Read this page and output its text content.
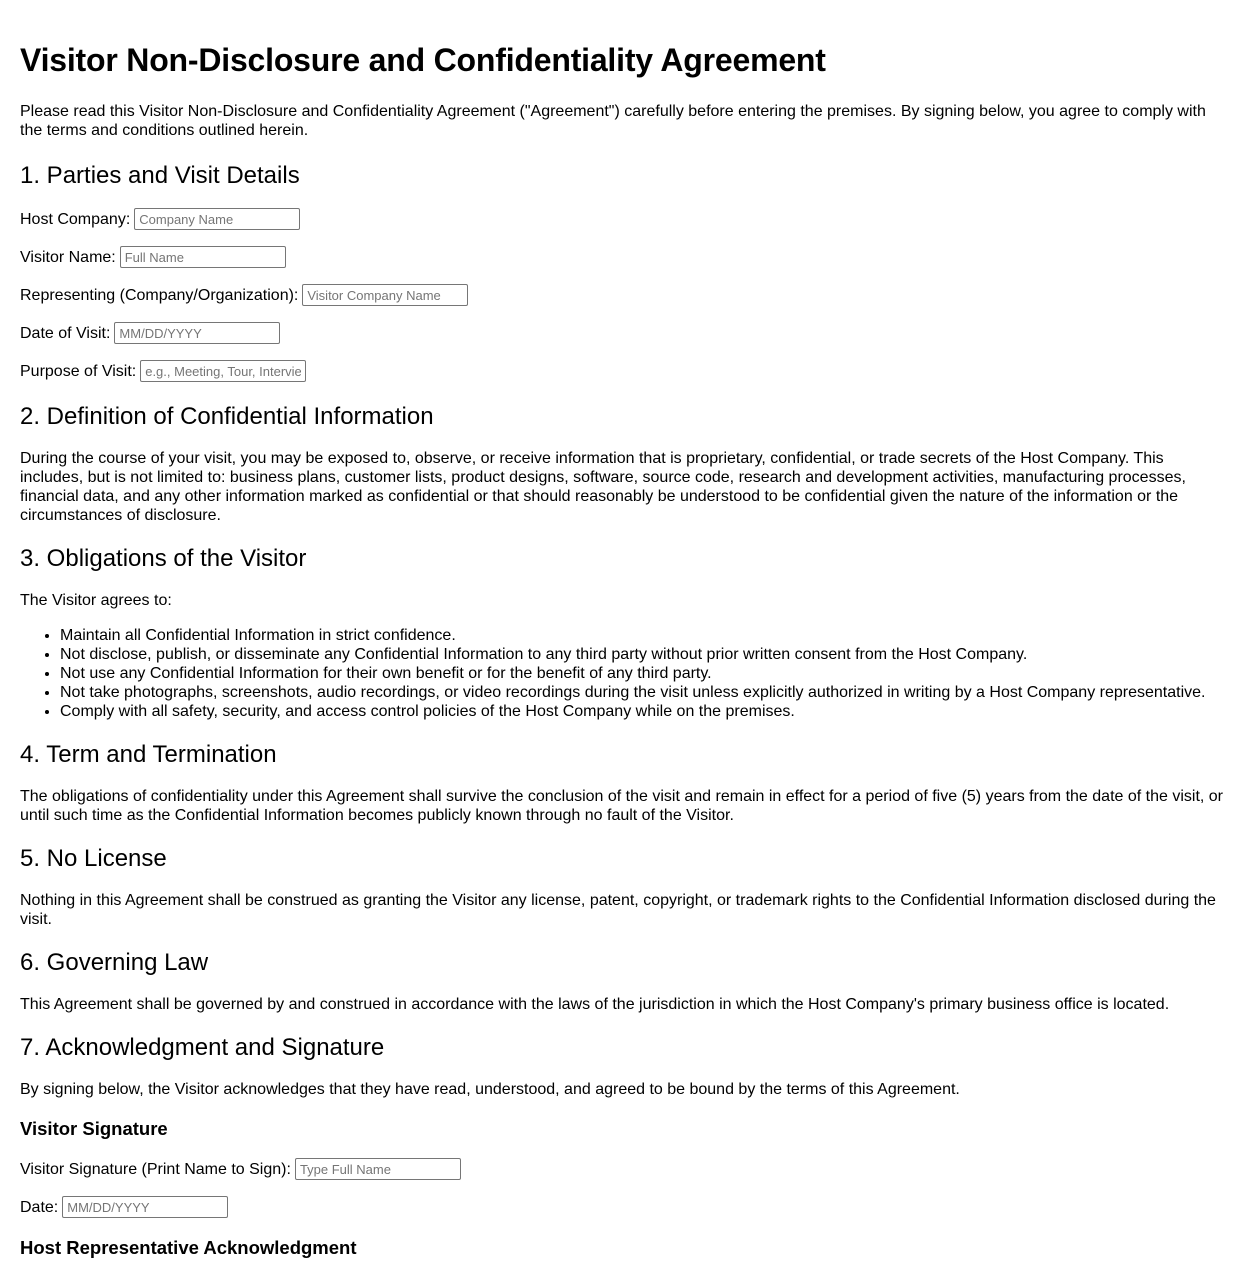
Visitor Non-Disclosure and Confidentiality Agreement

Please read this Visitor Non-Disclosure and Confidentiality Agreement ("Agreement") carefully before entering the premises. By signing below, you agree to comply with the terms and conditions outlined herein.

1. Parties and Visit Details
Host Company:
Company Name
Visitor Name:
Full Name
Representing (Company/Organization):
Visitor Company Name
Date of Visit:
MM/DD/YYYY
Purpose of Visit:
e.g., Meeting, Tour, Interview
2. Definition of Confidential Information

During the course of your visit, you may be exposed to, observe, or receive information that is proprietary, confidential, or trade secrets of the Host Company. This includes, but is not limited to: business plans, customer lists, product designs, software, source code, research and development activities, manufacturing processes, financial data, and any other information marked as confidential or that should reasonably be understood to be confidential given the nature of the information or the circumstances of disclosure.

3. Obligations of the Visitor

The Visitor agrees to:

• Maintain all Confidential Information in strict confidence.
• Not disclose, publish, or disseminate any Confidential Information to any third party without prior written consent from the Host Company.
• Not use any Confidential Information for their own benefit or for the benefit of any third party.
• Not take photographs, screenshots, audio recordings, or video recordings during the visit unless explicitly authorized in writing by a Host Company representative.
• Comply with all safety, security, and access control policies of the Host Company while on the premises.
4. Term and Termination

The obligations of confidentiality under this Agreement shall survive the conclusion of the visit and remain in effect for a period of five (5) years from the date of the visit, or until such time as the Confidential Information becomes publicly known through no fault of the Visitor.

5. No License

Nothing in this Agreement shall be construed as granting the Visitor any license, patent, copyright, or trademark rights to the Confidential Information disclosed during the visit.

6. Governing Law

This Agreement shall be governed by and construed in accordance with the laws of the jurisdiction in which the Host Company's primary business office is located.

7. Acknowledgment and Signature

By signing below, the Visitor acknowledges that they have read, understood, and agreed to be bound by the terms of this Agreement.

Visitor Signature
Visitor Signature (Print Name to Sign):
Type Full Name
Date:
MM/DD/YYYY
Host Representative Acknowledgment
